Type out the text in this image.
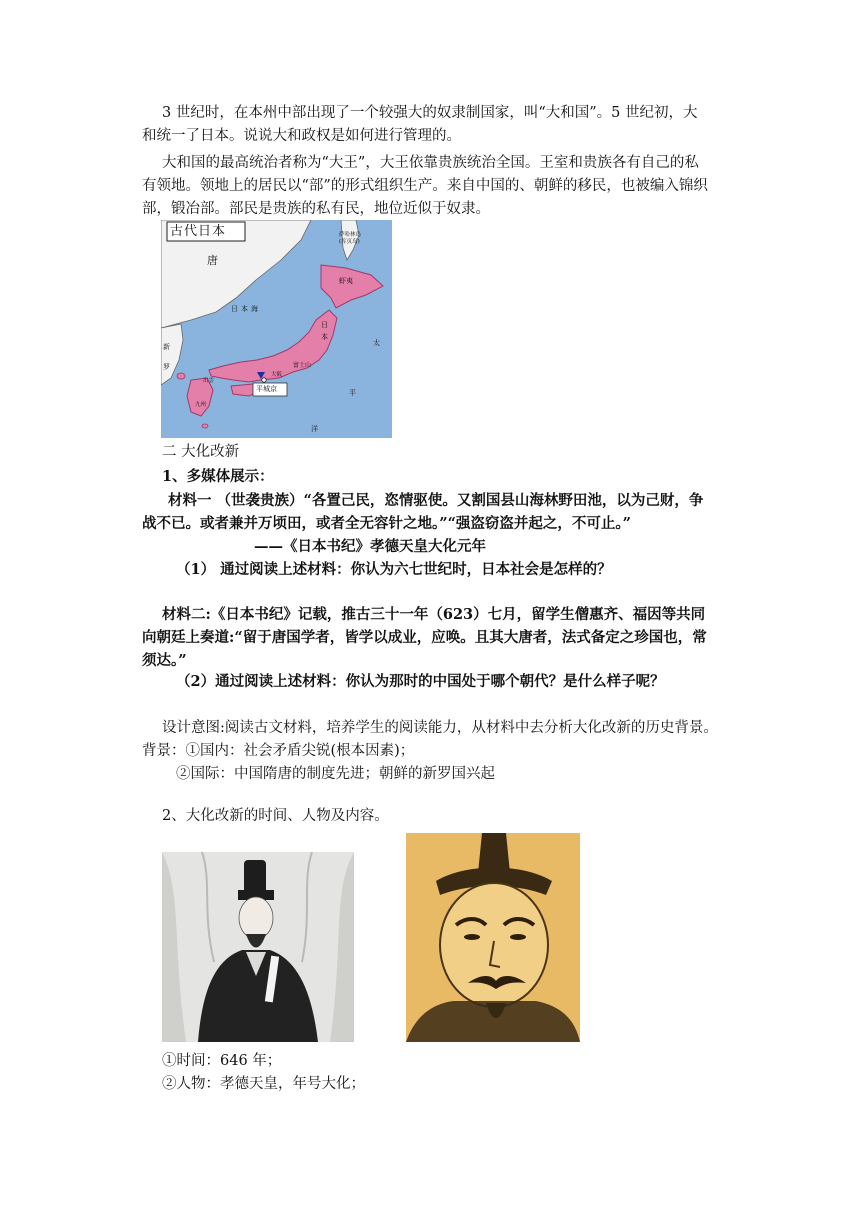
3 世纪时，在本州中部出现了一个较强大的奴隶制国家，叫“大和国”。5 世纪初，大
和统一了日本。说说大和政权是如何进行管理的。
大和国的最高统治者称为“大王”，大王依靠贵族统治全国。王室和贵族各有自己的私
有领地。领地上的居民以“部”的形式组织生产。来自中国的、朝鲜的移民，也被编入锦织
部，锻冶部。部民是贵族的私有民，地位近似于奴隶。
古代日本
唐
日本海
新
罗
虾夷
萨哈林岛
(库页岛)
日
本
太
平
洋
富士山
平城京
大阪
出雲
九州
二 大化改新
1、多媒体展示：
材料一 （世袭贵族）“各置己民，恣情驱使。又割国县山海林野田池，以为己财，争
战不已。或者兼并万顷田，或者全无容针之地。”“强盗窃盗并起之，不可止。”
——《日本书纪》孝德天皇大化元年
（1） 通过阅读上述材料：你认为六七世纪时，日本社会是怎样的？
材料二:《日本书纪》记载，推古三十一年（623）七月，留学生僧惠齐、福因等共同
向朝廷上奏道:“留于唐国学者，皆学以成业，应唤。且其大唐者，法式备定之珍国也，常
须达。”
（2）通过阅读上述材料：你认为那时的中国处于哪个朝代？是什么样子呢？
设计意图:阅读古文材料，培养学生的阅读能力，从材料中去分析大化改新的历史背景。
背景：①国内：社会矛盾尖锐(根本因素)；
②国际：中国隋唐的制度先进；朝鲜的新罗国兴起
2、大化改新的时间、人物及内容。
①时间：646 年；
②人物：孝德天皇，年号大化；
